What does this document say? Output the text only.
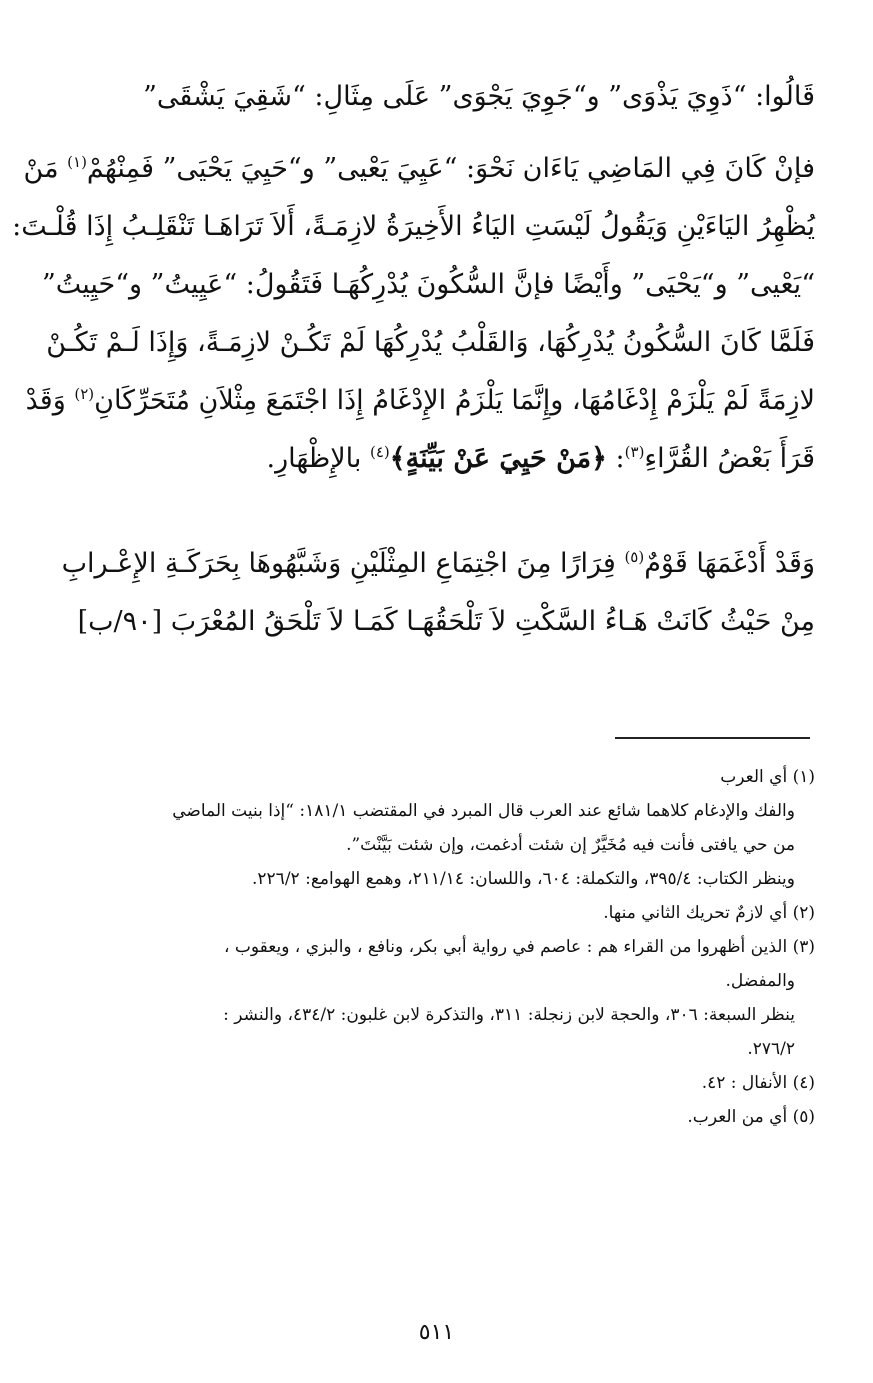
قَالُوا: “ذَوِيَ يَذْوَى” و“جَوِيَ يَجْوَى” عَلَى مِثَالِ: “شَقِيَ يَشْقَى”
فإنْ كَانَ فِي المَاضِي يَاءَان نَحْوَ: “عَيِيَ يَعْيى” و“حَيِيَ يَحْيَى” فَمِنْهُمْ$^{(١)}$ مَنْ
يُظْهِرُ اليَاءَيْنِ وَيَقُولُ لَيْسَتِ اليَاءُ الأَخِيرَةُ لازِمَـةً، أَلاَ تَرَاهَـا تَنْقَلِـبُ إِذَا قُلْـتَ:
“يَعْيى” و“يَحْيَى” وأَيْضًا فإنَّ السُّكُونَ يُدْرِكُهَـا فَتَقُولُ: “عَيِيتُ” و“حَيِيتُ”
فَلَمَّا كَانَ السُّكُونُ يُدْرِكُهَا، وَالقَلْبُ يُدْرِكُهَا لَمْ تَكُـنْ لازِمَـةً، وَإِذَا لَـمْ تَكُـنْ
لازِمَةً لَمْ يَلْزَمْ إِدْغَامُهَا، وإِنَّمَا يَلْزَمُ الإِدْغَامُ إِذَا اجْتَمَعَ مِثْلاَنِ مُتَحَرِّكَانِ$^{(٢)}$ وَقَدْ
قَرَأَ بَعْضُ القُرَّاءِ$^{(٣)}$: ﴿مَنْ حَيِيَ عَنْ بَيِّنَةٍ﴾$^{(٤)}$ بالإِظْهَارِ.
وَقَدْ أَدْغَمَهَا قَوْمٌ$^{(٥)}$ فِرَارًا مِنَ اجْتِمَاعِ المِثْلَيْنِ وَشَبَّهُوهَا بِحَرَكَـةِ الإِعْـرابِ
مِنْ حَيْثُ كَانَتْ هَـاءُ السَّكْتِ لاَ تَلْحَقُهَـا كَمَـا لاَ تَلْحَقُ المُعْرَبَ [٩٠/ب]
(١) أي العرب
والفك والإدغام كلاهما شائع عند العرب قال المبرد في المقتضب ١٨١/١: “إذا بنيت الماضي
من حي يافتى فأنت فيه مُخَيَّرٌ إن شئت أدغمت، وإن شئت بَيَّنْتَ”.
وينظر الكتاب: ٣٩٥/٤، والتكملة: ٦٠٤، واللسان: ٢١١/١٤، وهمع الهوامع: ٢٢٦/٢.
(٢) أي لازمٌ تحريك الثاني منها.
(٣) الذين أظهروا من القراء هم : عاصم في رواية أبي بكر، ونافع ، والبزي ، ويعقوب ،
والمفضل.
ينظر السبعة: ٣٠٦، والحجة لابن زنجلة: ٣١١، والتذكرة لابن غلبون: ٤٣٤/٢، والنشر :
٢٧٦/٢.
(٤) الأنفال : ٤٢.
(٥) أي من العرب.
٥١١
